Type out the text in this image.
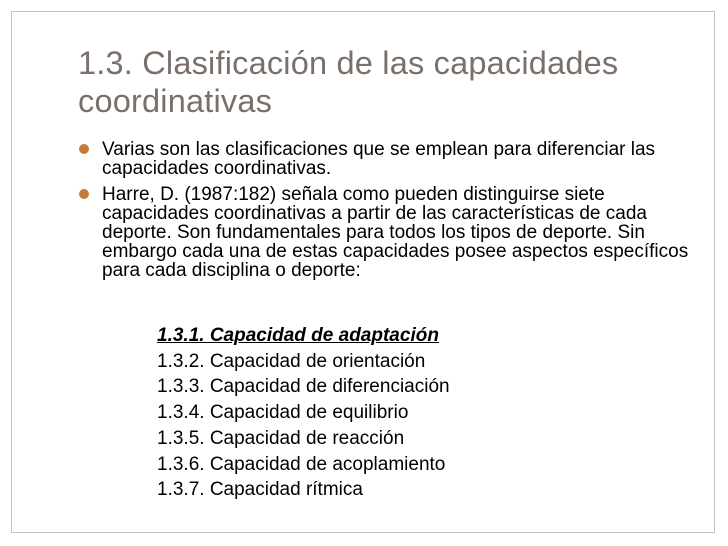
1.3. Clasificación de las capacidades coordinativas
Varias son las clasificaciones que se emplean para diferenciar las capacidades coordinativas.
Harre, D. (1987:182) señala como pueden distinguirse siete capacidades coordinativas a partir de las características de cada deporte. Son fundamentales para todos los tipos de deporte. Sin embargo cada una de estas capacidades posee aspectos específicos para cada disciplina o deporte:
1.3.1. Capacidad de adaptación
1.3.2. Capacidad de orientación
1.3.3. Capacidad de diferenciación
1.3.4. Capacidad de equilibrio
1.3.5. Capacidad de reacción
1.3.6. Capacidad de acoplamiento
1.3.7. Capacidad rítmica
